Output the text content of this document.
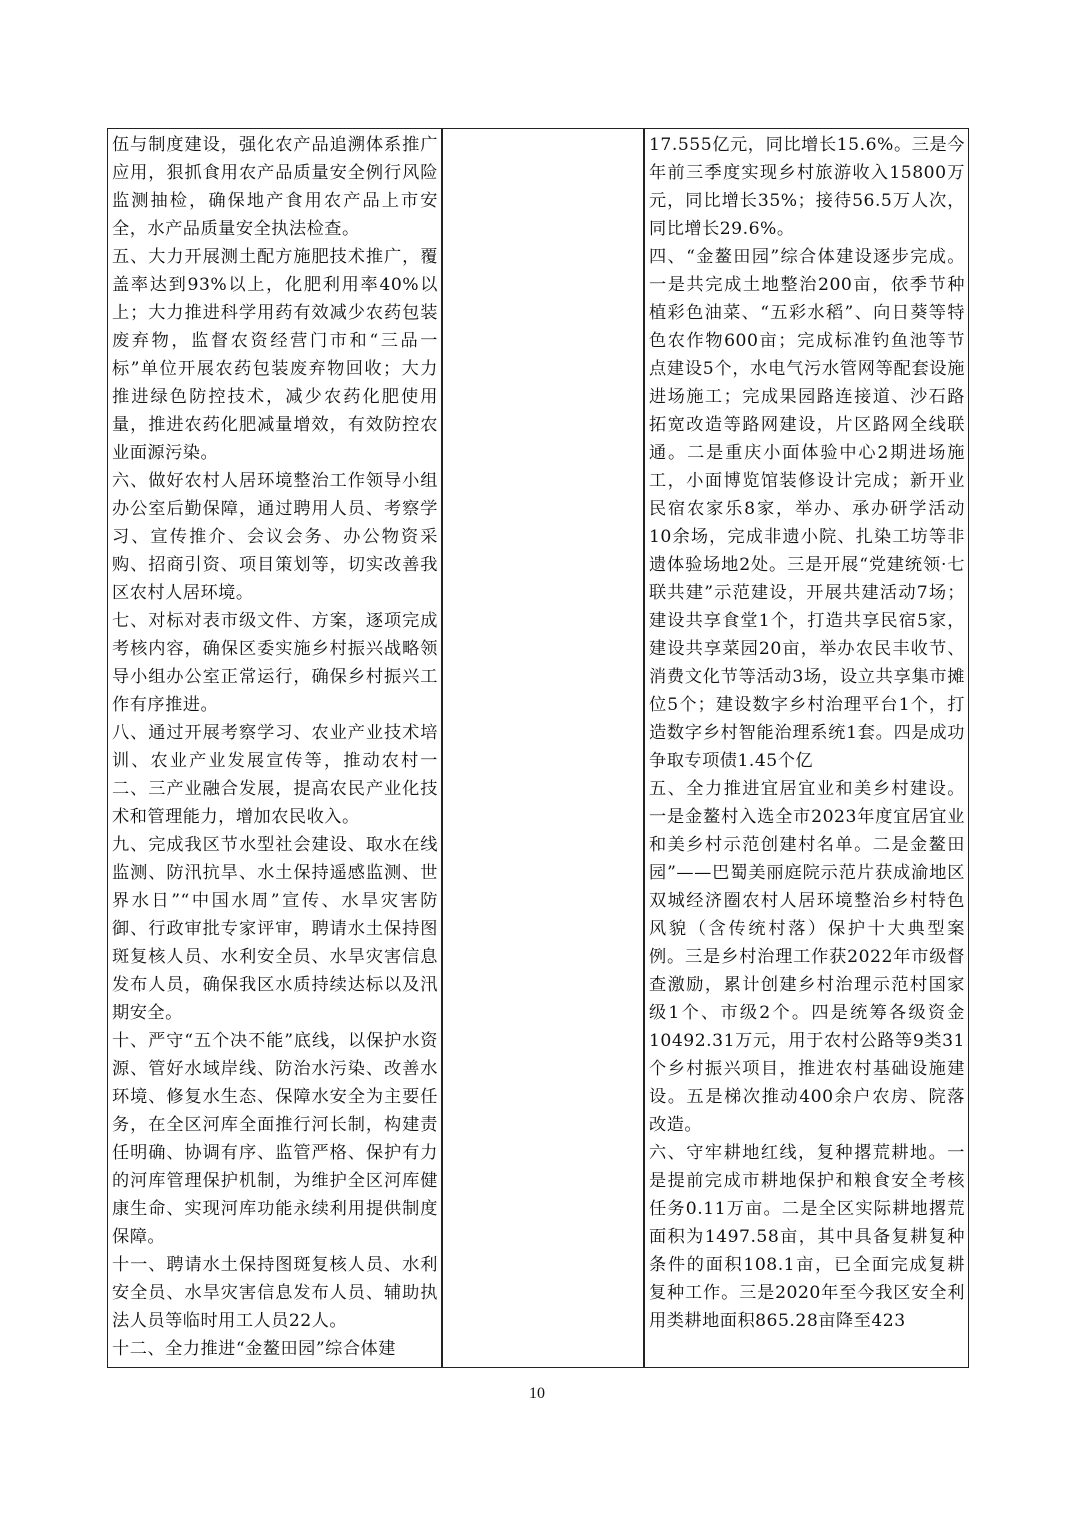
伍与制度建设，强化农产品追溯体系推广应用，狠抓食用农产品质量安全例行风险监测抽检，确保地产食用农产品上市安全，水产品质量安全执法检查。

五、大力开展测土配方施肥技术推广，覆盖率达到93%以上，化肥利用率40%以上；大力推进科学用药有效减少农药包装废弃物，监督农资经营门市和“三品一标”单位开展农药包装废弃物回收；大力推进绿色防控技术，减少农药化肥使用量，推进农药化肥减量增效，有效防控农业面源污染。

六、做好农村人居环境整治工作领导小组办公室后勤保障，通过聘用人员、考察学习、宣传推介、会议会务、办公物资采购、招商引资、项目策划等，切实改善我区农村人居环境。

七、对标对表市级文件、方案，逐项完成考核内容，确保区委实施乡村振兴战略领导小组办公室正常运行，确保乡村振兴工作有序推进。

八、通过开展考察学习、农业产业技术培训、农业产业发展宣传等，推动农村一二、三产业融合发展，提高农民产业化技术和管理能力，增加农民收入。

九、完成我区节水型社会建设、取水在线监测、防汛抗旱、水土保持遥感监测、世界水日”“中国水周”宣传、水旱灾害防御、行政审批专家评审，聘请水土保持图斑复核人员、水利安全员、水旱灾害信息发布人员，确保我区水质持续达标以及汛期安全。

十、严守“五个决不能”底线，以保护水资源、管好水域岸线、防治水污染、改善水环境、修复水生态、保障水安全为主要任务，在全区河库全面推行河长制，构建责任明确、协调有序、监管严格、保护有力的河库管理保护机制，为维护全区河库健康生命、实现河库功能永续利用提供制度保障。

十一、聘请水土保持图斑复核人员、水利安全员、水旱灾害信息发布人员、辅助执法人员等临时用工人员22人。

十二、全力推进“金鳌田园”综合体建

17.555亿元，同比增长15.6%。三是今年前三季度实现乡村旅游收入15800万元，同比增长35%；接待56.5万人次，同比增长29.6%。

四、“金鳌田园”综合体建设逐步完成。一是共完成土地整治200亩，依季节种植彩色油菜、“五彩水稻”、向日葵等特色农作物600亩；完成标准钓鱼池等节点建设5个，水电气污水管网等配套设施进场施工；完成果园路连接道、沙石路拓宽改造等路网建设，片区路网全线联通。二是重庆小面体验中心2期进场施工，小面博览馆装修设计完成；新开业民宿农家乐8家，举办、承办研学活动10余场，完成非遗小院、扎染工坊等非遗体验场地2处。三是开展“党建统领·七联共建”示范建设，开展共建活动7场；建设共享食堂1个，打造共享民宿5家，建设共享菜园20亩，举办农民丰收节、消费文化节等活动3场，设立共享集市摊位5个；建设数字乡村治理平台1个，打造数字乡村智能治理系统1套。四是成功争取专项债1.45个亿

五、全力推进宜居宜业和美乡村建设。一是金鳌村入选全市2023年度宜居宜业和美乡村示范创建村名单。二是金鳌田园”——巴蜀美丽庭院示范片获成渝地区双城经济圈农村人居环境整治乡村特色风貌（含传统村落）保护十大典型案例。三是乡村治理工作获2022年市级督查激励，累计创建乡村治理示范村国家级1个、市级2个。四是统筹各级资金10492.31万元，用于农村公路等9类31个乡村振兴项目，推进农村基础设施建设。五是梯次推动400余户农房、院落改造。

六、守牢耕地红线，复种撂荒耕地。一是提前完成市耕地保护和粮食安全考核任务0.11万亩。二是全区实际耕地撂荒面积为1497.58亩，其中具备复耕复种条件的面积108.1亩，已全面完成复耕复种工作。三是2020年至今我区安全利用类耕地面积865.28亩降至423

10
